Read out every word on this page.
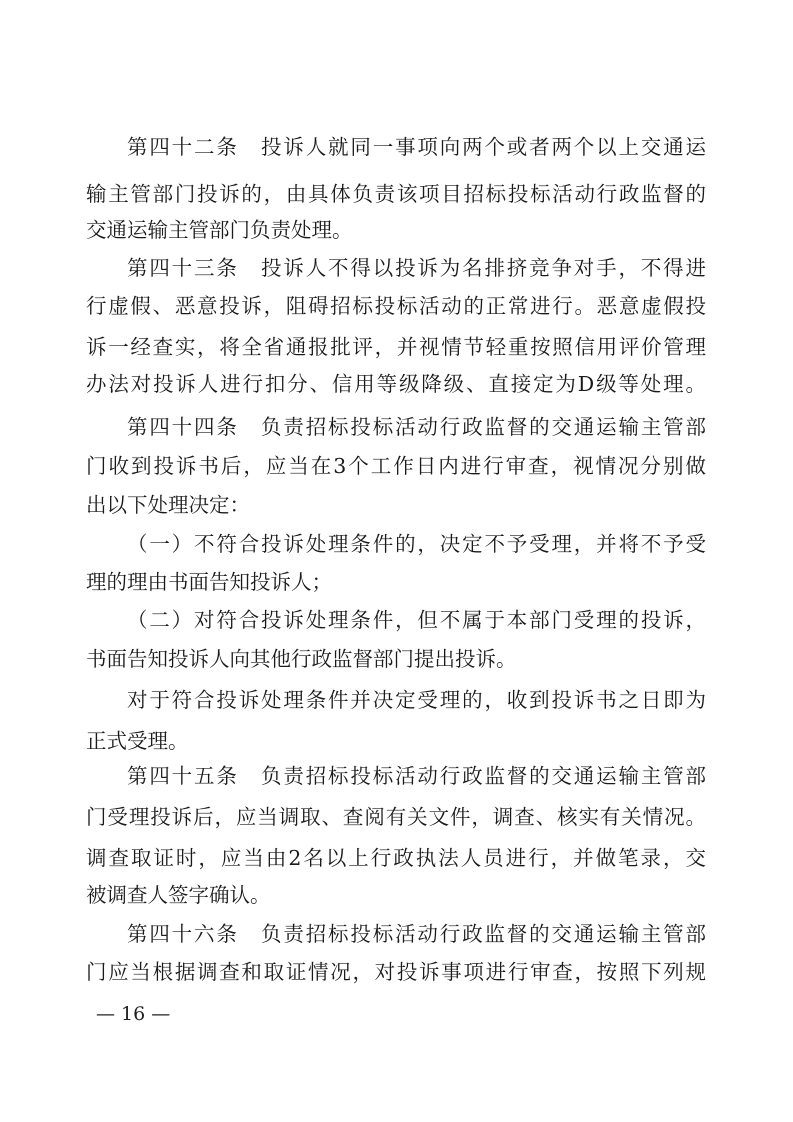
第四十二条　投诉人就同一事项向两个或者两个以上交通运
输主管部门投诉的，由具体负责该项目招标投标活动行政监督的
交通运输主管部门负责处理。
第四十三条　投诉人不得以投诉为名排挤竞争对手，不得进
行虚假、恶意投诉，阻碍招标投标活动的正常进行。恶意虚假投
诉一经查实，将全省通报批评，并视情节轻重按照信用评价管理
办法对投诉人进行扣分、信用等级降级、直接定为D级等处理。
第四十四条　负责招标投标活动行政监督的交通运输主管部
门收到投诉书后，应当在3个工作日内进行审查，视情况分别做
出以下处理决定：
（一）不符合投诉处理条件的，决定不予受理，并将不予受
理的理由书面告知投诉人；
（二）对符合投诉处理条件，但不属于本部门受理的投诉，
书面告知投诉人向其他行政监督部门提出投诉。
对于符合投诉处理条件并决定受理的，收到投诉书之日即为
正式受理。
第四十五条　负责招标投标活动行政监督的交通运输主管部
门受理投诉后，应当调取、查阅有关文件，调查、核实有关情况。
调查取证时，应当由2名以上行政执法人员进行，并做笔录，交
被调查人签字确认。
第四十六条　负责招标投标活动行政监督的交通运输主管部
门应当根据调查和取证情况，对投诉事项进行审查，按照下列规
— 16 —
